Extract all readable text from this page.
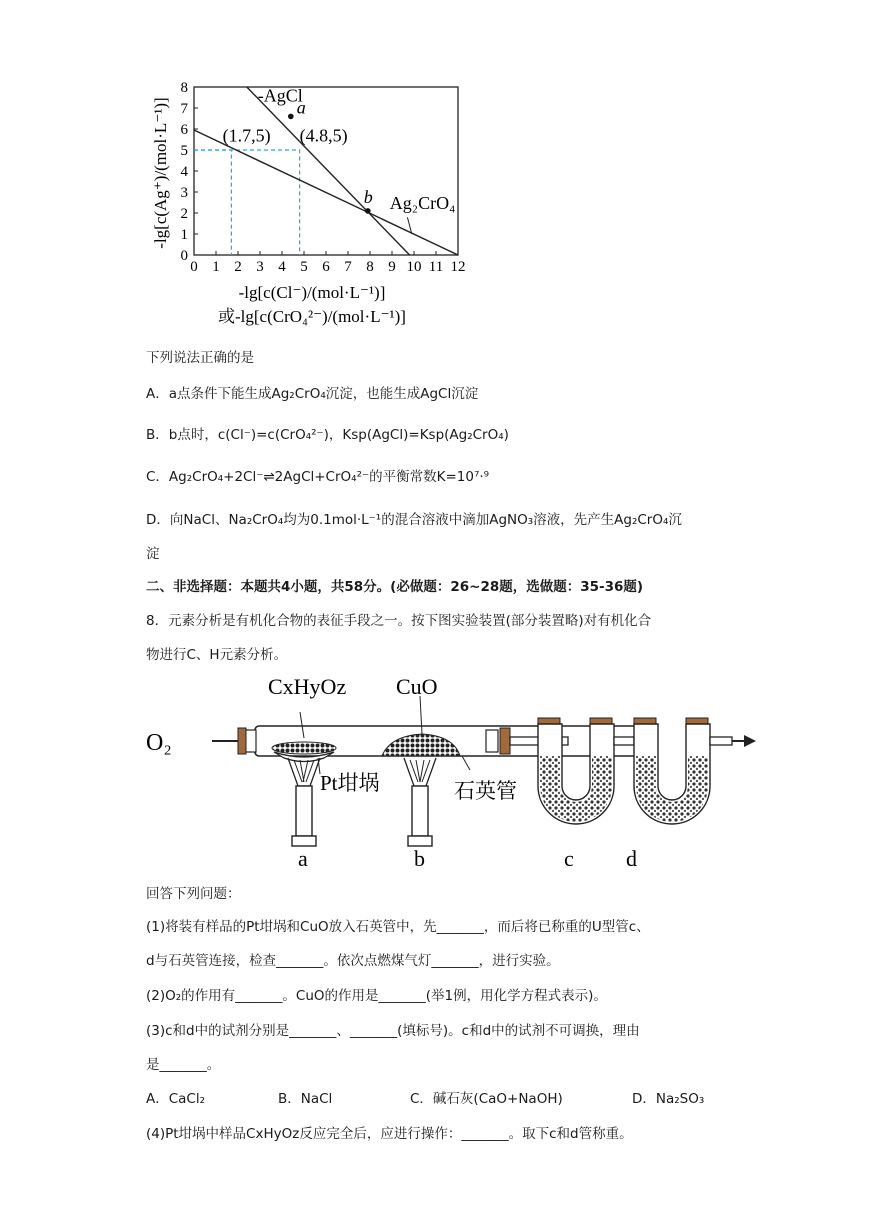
0 1 2 3 4 5 6 7 8 9 10 11 12
0
1
2
3
4
5
6
7
8	-AgCl
Ag₂CrO₄
(1.7,5) (4.8,5)
a
b
-lg[c(Cl⁻)/(mol·L⁻¹)]
或-lg[c(CrO₄²⁻)/(mol·L⁻¹)]
-lg[c(Ag⁺)/(mol·L⁻¹)]
下列说法正确的是
A．a点条件下能生成Ag₂CrO₄沉淀，也能生成AgCl沉淀
B．b点时，c(Cl⁻)=c(CrO₄²⁻)，Ksp(AgCl)=Ksp(Ag₂CrO₄)
C．Ag₂CrO₄+2Cl⁻⇌2AgCl+CrO₄²⁻的平衡常数K=10⁷·⁹
D．向NaCl、Na₂CrO₄均为0.1mol·L⁻¹的混合溶液中滴加AgNO₃溶液，先产生Ag₂CrO₄沉
淀
二、非选择题：本题共4小题，共58分。(必做题：26~28题，选做题：35-36题)
8．元素分析是有机化合物的表征手段之一。按下图实验装置(部分装置略)对有机化合
物进行C、H元素分析。
O₂
CxHyOz CuO
Pt坩埚	石英管
a	b	c d
回答下列问题：
(1)将装有样品的Pt坩埚和CuO放入石英管中，先_______，而后将已称重的U型管c、
d与石英管连接，检查_______。依次点燃煤气灯_______，进行实验。
(2)O₂的作用有_______。CuO的作用是_______(举1例，用化学方程式表示)。
(3)c和d中的试剂分别是_______、_______(填标号)。c和d中的试剂不可调换，理由
是_______。
A．CaCl₂	B．NaCl	C．碱石灰(CaO+NaOH)	D．Na₂SO₃
(4)Pt坩埚中样品CxHyOz反应完全后，应进行操作：_______。取下c和d管称重。
